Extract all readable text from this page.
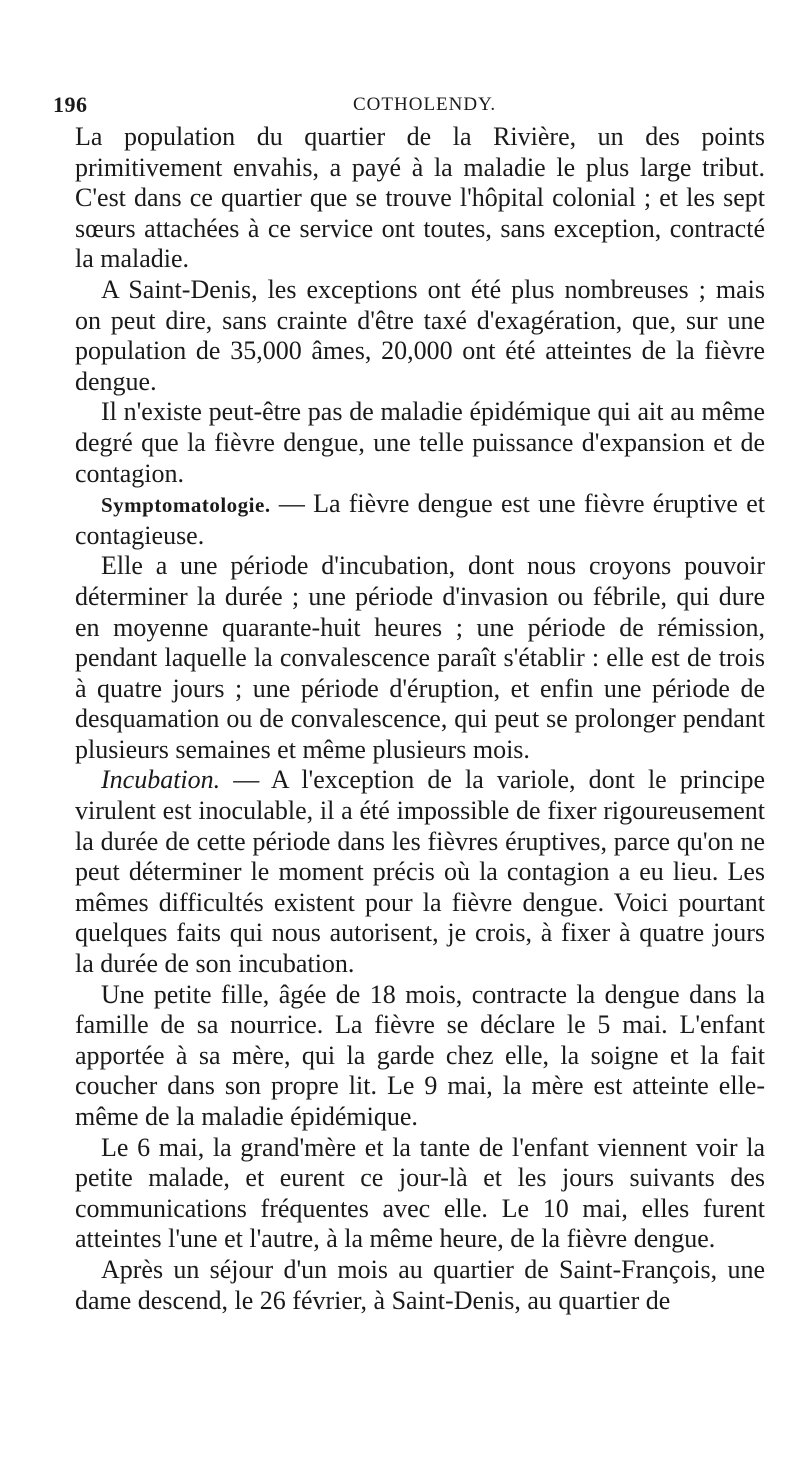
196	COTHOLENDY.

La population du quartier de la Rivière, un des points primitivement envahis, a payé à la maladie le plus large tribut. C'est dans ce quartier que se trouve l'hôpital colonial ; et les sept sœurs attachées à ce service ont toutes, sans exception, contracté la maladie.

A Saint-Denis, les exceptions ont été plus nombreuses ; mais on peut dire, sans crainte d'être taxé d'exagération, que, sur une population de 35,000 âmes, 20,000 ont été atteintes de la fièvre dengue.

Il n'existe peut-être pas de maladie épidémique qui ait au même degré que la fièvre dengue, une telle puissance d'expansion et de contagion.

Symptomatologie. — La fièvre dengue est une fièvre éruptive et contagieuse.

Elle a une période d'incubation, dont nous croyons pouvoir déterminer la durée ; une période d'invasion ou fébrile, qui dure en moyenne quarante-huit heures ; une période de rémission, pendant laquelle la convalescence paraît s'établir : elle est de trois à quatre jours ; une période d'éruption, et enfin une période de desquamation ou de convalescence, qui peut se prolonger pendant plusieurs semaines et même plusieurs mois.

Incubation. — A l'exception de la variole, dont le principe virulent est inoculable, il a été impossible de fixer rigoureusement la durée de cette période dans les fièvres éruptives, parce qu'on ne peut déterminer le moment précis où la contagion a eu lieu. Les mêmes difficultés existent pour la fièvre dengue. Voici pourtant quelques faits qui nous autorisent, je crois, à fixer à quatre jours la durée de son incubation.

Une petite fille, âgée de 18 mois, contracte la dengue dans la famille de sa nourrice. La fièvre se déclare le 5 mai. L'enfant apportée à sa mère, qui la garde chez elle, la soigne et la fait coucher dans son propre lit. Le 9 mai, la mère est atteinte elle-même de la maladie épidémique.

Le 6 mai, la grand'mère et la tante de l'enfant viennent voir la petite malade, et eurent ce jour-là et les jours suivants des communications fréquentes avec elle. Le 10 mai, elles furent atteintes l'une et l'autre, à la même heure, de la fièvre dengue.

Après un séjour d'un mois au quartier de Saint-François, une dame descend, le 26 février, à Saint-Denis, au quartier de
